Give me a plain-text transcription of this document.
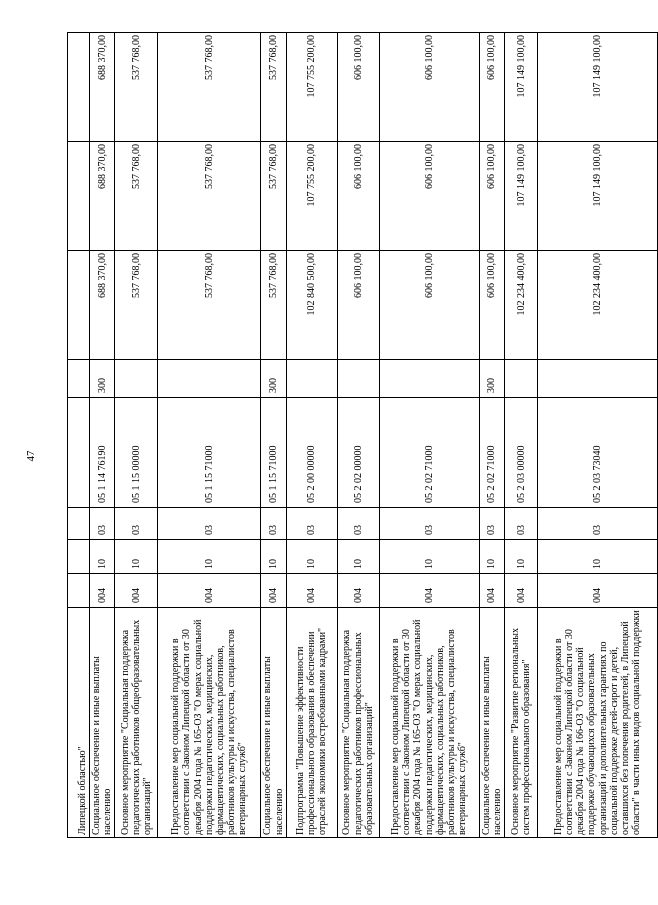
47
Липецкой областью"								
Социальное обеспечение и иные выплаты населению	004	10	03	05 1 14 76190	300	688 370,00	688 370,00	688 370,00
Основное мероприятие "Социальная поддержка педагогических работников общеобразовательных организаций"	004	10	03	05 1 15 00000		537 768,00	537 768,00	537 768,00
Предоставление мер социальной поддержки в соответствии с Законом Липецкой области от 30 декабря 2004 года № 165-ОЗ "О мерах социальной поддержки педагогических, медицинских, фармацевтических, социальных работников, работников культуры и искусства, специалистов ветеринарных служб"	004	10	03	05 1 15 71000		537 768,00	537 768,00	537 768,00
Социальное обеспечение и иные выплаты населению	004	10	03	05 1 15 71000	300	537 768,00	537 768,00	537 768,00
Подпрограмма "Повышение эффективности профессионального образования в обеспечении отраслей экономики востребованными кадрами"	004	10	03	05 2 00 00000		102 840 500,00	107 755 200,00	107 755 200,00
Основное мероприятие "Социальная поддержка педагогических работников профессиональных образовательных организаций"	004	10	03	05 2 02 00000		606 100,00	606 100,00	606 100,00
Предоставление мер социальной поддержки в соответствии с Законом Липецкой области от 30 декабря 2004 года № 165-ОЗ "О мерах социальной поддержки педагогических, медицинских, фармацевтических, социальных работников, работников культуры и искусства, специалистов ветеринарных служб"	004	10	03	05 2 02 71000		606 100,00	606 100,00	606 100,00
Социальное обеспечение и иные выплаты населению	004	10	03	05 2 02 71000	300	606 100,00	606 100,00	606 100,00
Основное мероприятие "Развитие региональных систем профессионального образования"	004	10	03	05 2 03 00000		102 234 400,00	107 149 100,00	107 149 100,00
Предоставление мер социальной поддержки в соответствии с Законом Липецкой области от 30 декабря 2004 года № 166-ОЗ "О социальной поддержке обучающихся образовательных организаций и дополнительных гарантиях по социальной поддержке детей-сирот и детей, оставшихся без попечения родителей, в Липецкой области" в части иных видов социальной поддержки	004	10	03	05 2 03 73040		102 234 400,00	107 149 100,00	107 149 100,00
